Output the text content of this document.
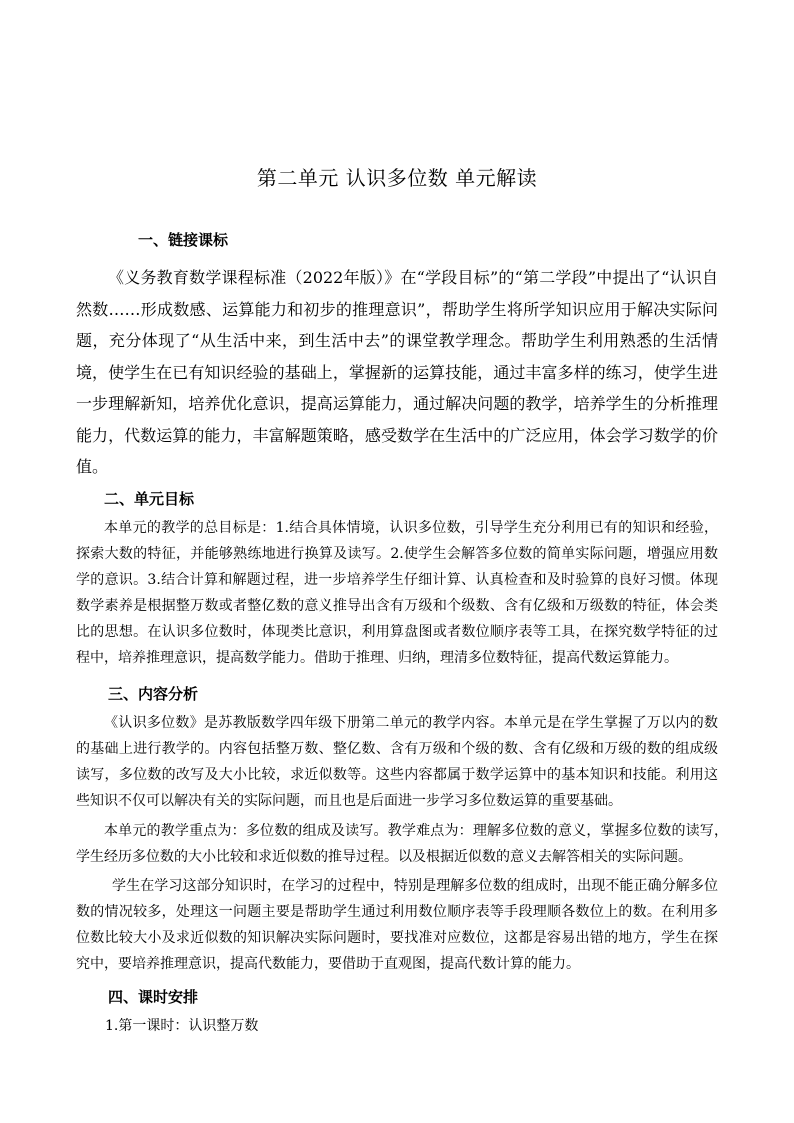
第二单元 认识多位数 单元解读
一、链接课标

《义务教育数学课程标准（2022年版）》在“学段目标”的“第二学段”中提出了“认识自然数……形成数感、运算能力和初步的推理意识”，帮助学生将所学知识应用于解决实际问题，充分体现了“从生活中来，到生活中去”的课堂教学理念。帮助学生利用熟悉的生活情境，使学生在已有知识经验的基础上，掌握新的运算技能，通过丰富多样的练习，使学生进一步理解新知，培养优化意识，提高运算能力，通过解决问题的教学，培养学生的分析推理能力，代数运算的能力，丰富解题策略，感受数学在生活中的广泛应用，体会学习数学的价值。

二、单元目标

本单元的教学的总目标是：1.结合具体情境，认识多位数，引导学生充分利用已有的知识和经验，探索大数的特征，并能够熟练地进行换算及读写。2.使学生会解答多位数的简单实际问题，增强应用数学的意识。3.结合计算和解题过程，进一步培养学生仔细计算、认真检查和及时验算的良好习惯。体现数学素养是根据整万数或者整亿数的意义推导出含有万级和个级数、含有亿级和万级数的特征，体会类比的思想。在认识多位数时，体现类比意识，利用算盘图或者数位顺序表等工具，在探究数学特征的过程中，培养推理意识，提高数学能力。借助于推理、归纳，理清多位数特征，提高代数运算能力。

三、内容分析

《认识多位数》是苏教版数学四年级下册第二单元的教学内容。本单元是在学生掌握了万以内的数的基础上进行教学的。内容包括整万数、整亿数、含有万级和个级的数、含有亿级和万级的数的组成级读写，多位数的改写及大小比较，求近似数等。这些内容都属于数学运算中的基本知识和技能。利用这些知识不仅可以解决有关的实际问题，而且也是后面进一步学习多位数运算的重要基础。

本单元的教学重点为：多位数的组成及读写。教学难点为：理解多位数的意义，掌握多位数的读写，学生经历多位数的大小比较和求近似数的推导过程。以及根据近似数的意义去解答相关的实际问题。

学生在学习这部分知识时，在学习的过程中，特别是理解多位数的组成时，出现不能正确分解多位数的情况较多，处理这一问题主要是帮助学生通过利用数位顺序表等手段理顺各数位上的数。在利用多位数比较大小及求近似数的知识解决实际问题时，要找准对应数位，这都是容易出错的地方，学生在探究中，要培养推理意识，提高代数能力，要借助于直观图，提高代数计算的能力。

四、课时安排

1.第一课时：认识整万数
